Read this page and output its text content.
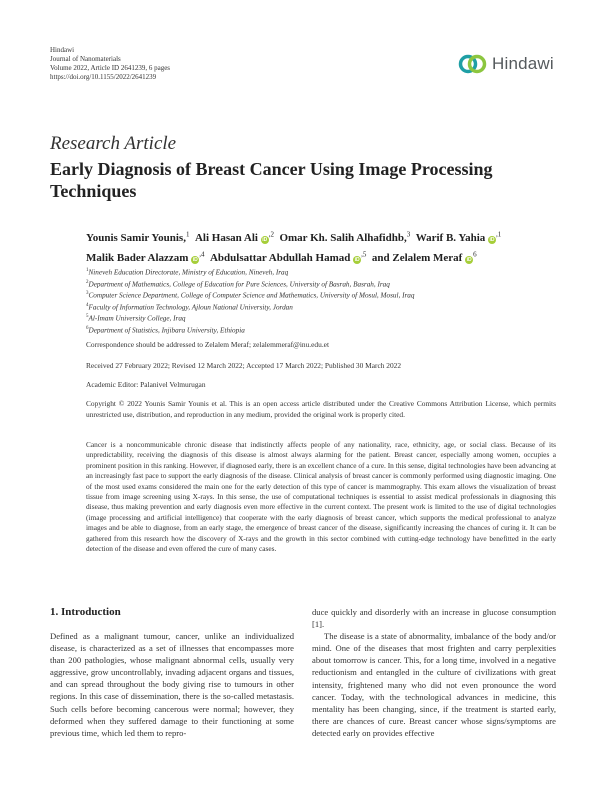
Hindawi
Journal of Nanomaterials
Volume 2022, Article ID 2641239, 6 pages
https://doi.org/10.1155/2022/2641239
Hindawi
Research Article
Early Diagnosis of Breast Cancer Using Image Processing Techniques
Younis Samir Younis,$^1$ Ali Hasan Ali $iD^{,2}$ Omar Kh. Salih Alhafidhb,$^3$ Warif B. Yahia $iD^{,1}$
Malik Bader Alazzam $iD^{,4}$ Abdulsattar Abdullah Hamad $iD^{,5}$ and Zelalem Meraf $iD^6$
$^1$Nineveh Education Directorate, Ministry of Education, Nineveh, Iraq
$^2$Department of Mathematics, College of Education for Pure Sciences, University of Basrah, Basrah, Iraq
$^3$Computer Science Department, College of Computer Science and Mathematics, University of Mosul, Mosul, Iraq
$^4$Faculty of Information Technology, Ajloun National University, Jordan
$^5$Al-Imam University College, Iraq
$^6$Department of Statistics, Injibara University, Ethiopia
Correspondence should be addressed to Zelalem Meraf; zelalemmeraf@inu.edu.et
Received 27 February 2022; Revised 12 March 2022; Accepted 17 March 2022; Published 30 March 2022
Academic Editor: Palanivel Velmurugan
Copyright © 2022 Younis Samir Younis et al. This is an open access article distributed under the Creative Commons Attribution License, which permits unrestricted use, distribution, and reproduction in any medium, provided the original work is properly cited.
Cancer is a noncommunicable chronic disease that indistinctly affects people of any nationality, race, ethnicity, age, or social class. Because of its unpredictability, receiving the diagnosis of this disease is almost always alarming for the patient. Breast cancer, especially among women, occupies a prominent position in this ranking. However, if diagnosed early, there is an excellent chance of a cure. In this sense, digital technologies have been advancing at an increasingly fast pace to support the early diagnosis of the disease. Clinical analysis of breast cancer is commonly performed using diagnostic imaging. One of the most used exams considered the main one for the early detection of this type of cancer is mammography. This exam allows the visualization of breast tissue from image screening using X-rays. In this sense, the use of computational techniques is essential to assist medical professionals in diagnosing this disease, thus making prevention and early diagnosis even more effective in the current context. The present work is limited to the use of digital technologies (image processing and artificial intelligence) that cooperate with the early diagnosis of breast cancer, which supports the medical professional to analyze images and be able to diagnose, from an early stage, the emergence of breast cancer of the disease, significantly increasing the chances of curing it. It can be gathered from this research how the discovery of X-rays and the growth in this sector combined with cutting-edge technology have benefitted in the early detection of the disease and even offered the cure of many cases.
1. Introduction

Defined as a malignant tumour, cancer, unlike an individualized disease, is characterized as a set of illnesses that encompasses more than 200 pathologies, whose malignant abnormal cells, usually very aggressive, grow uncontrollably, invading adjacent organs and tissues, and can spread throughout the body giving rise to tumours in other regions. In this case of dissemination, there is the so-called metastasis. Such cells before becoming cancerous were normal; however, they deformed when they suffered damage to their functioning at some previous time, which led them to repro-

duce quickly and disorderly with an increase in glucose consumption [1].

The disease is a state of abnormality, imbalance of the body and/or mind. One of the diseases that most frighten and carry perplexities about tomorrow is cancer. This, for a long time, involved in a negative reductionism and entangled in the culture of civilizations with great intensity, frightened many who did not even pronounce the word cancer. Today, with the technological advances in medicine, this mentality has been changing, since, if the treatment is started early, there are chances of cure. Breast cancer whose signs/symptoms are detected early on provides effective
